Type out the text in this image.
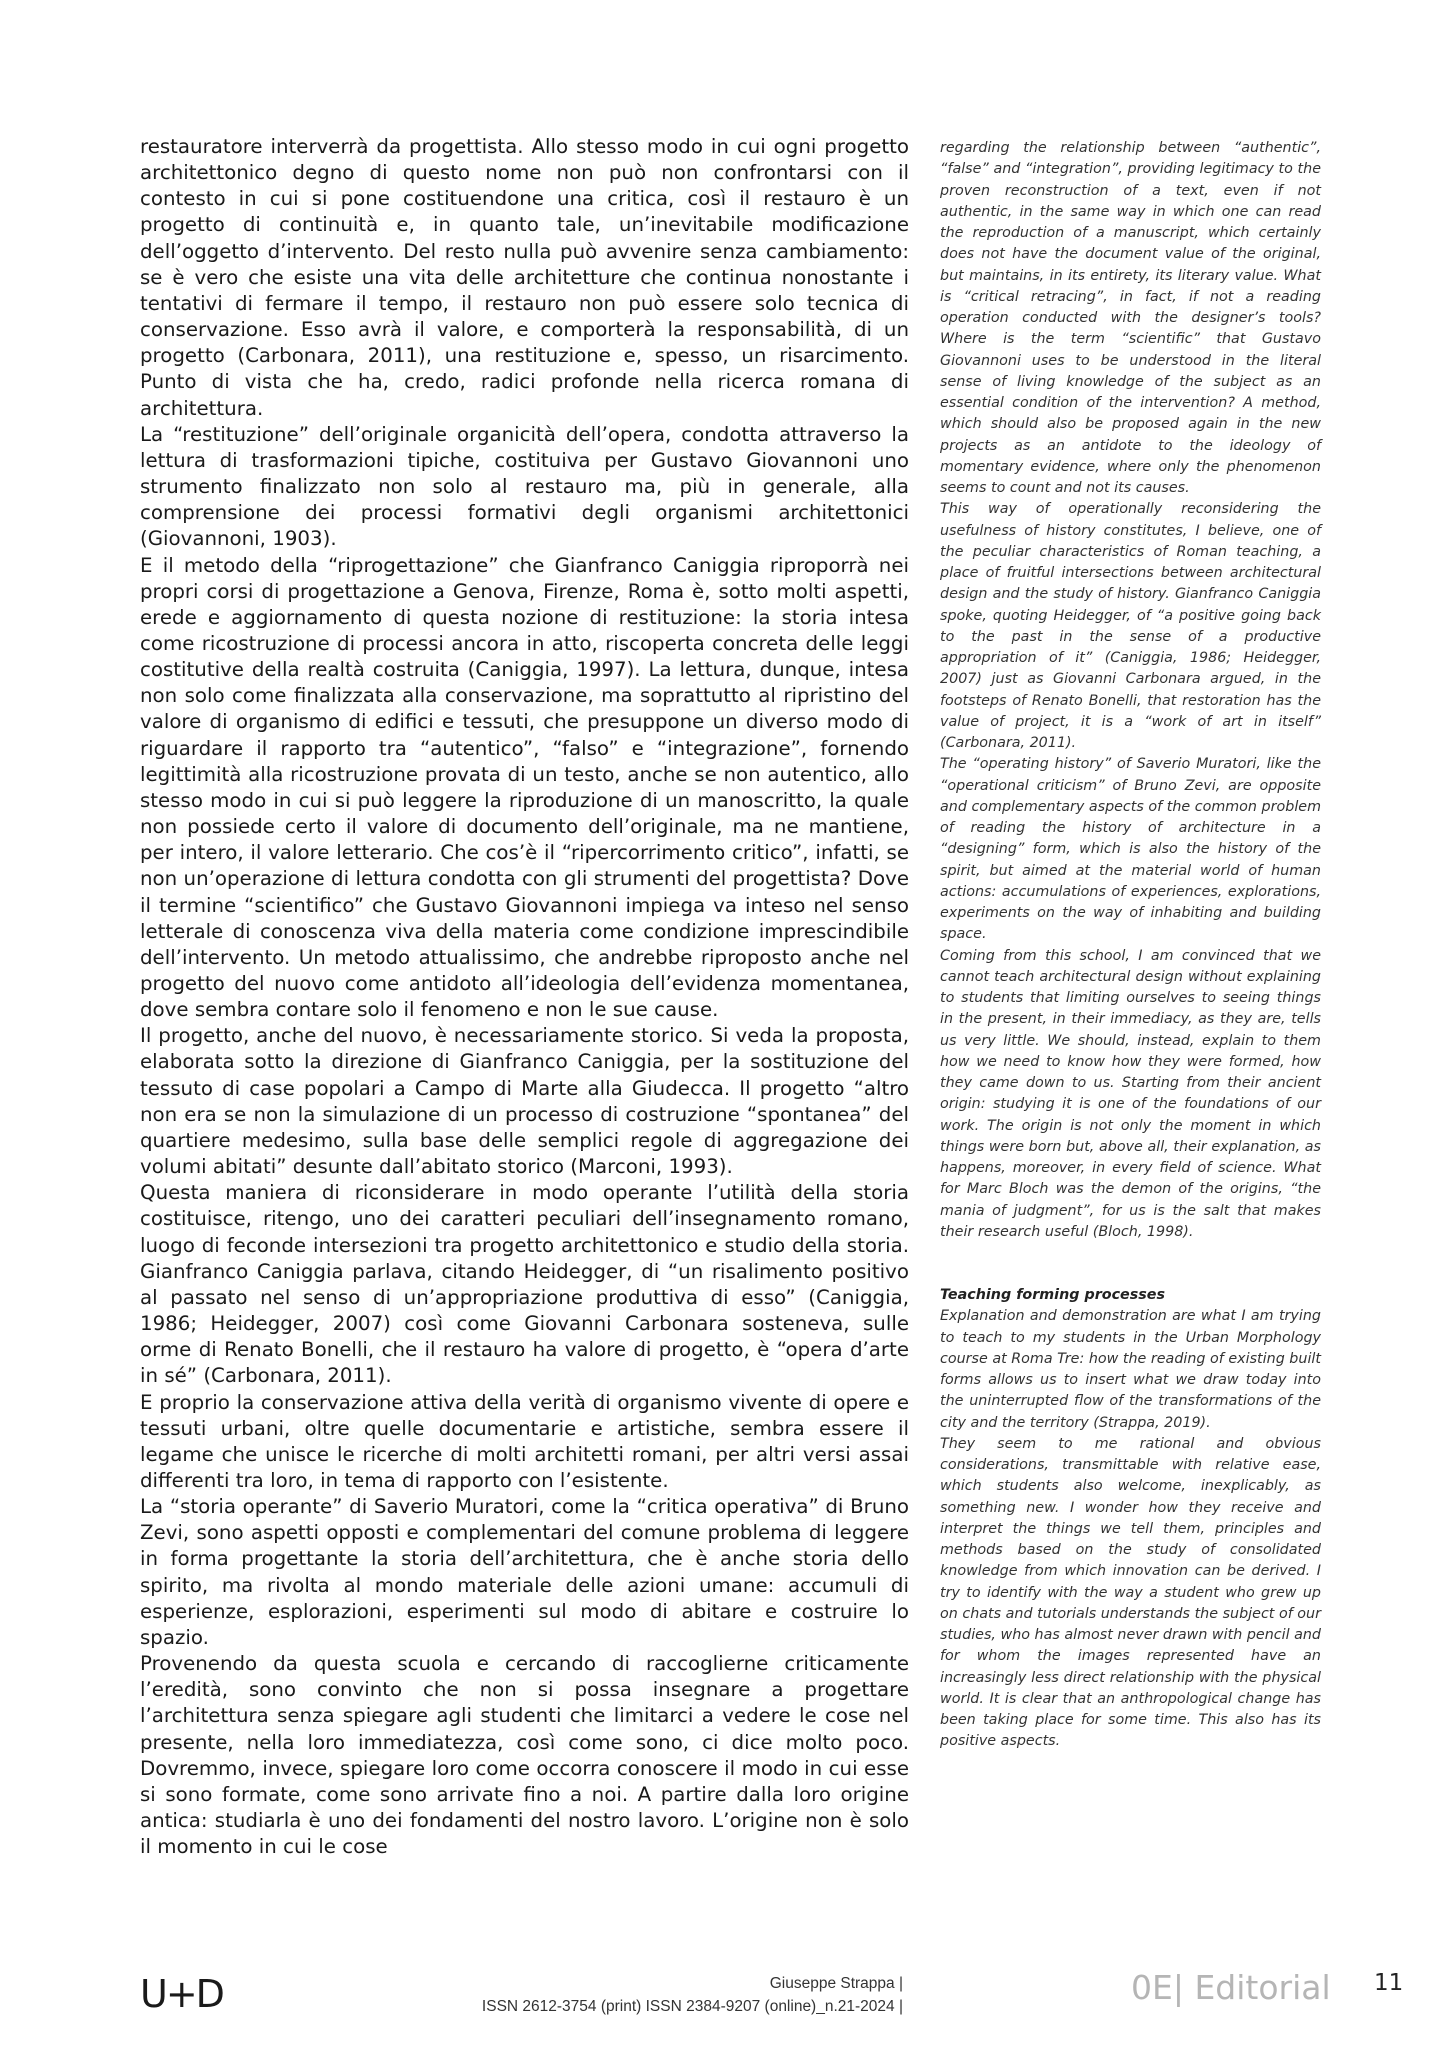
restauratore interverrà da progettista. Allo stesso modo in cui ogni progetto architettonico degno di questo nome non può non confrontarsi con il contesto in cui si pone costituendone una critica, così il restauro è un progetto di continuità e, in quanto tale, un’inevitabile modificazione dell’oggetto d’intervento. Del resto nulla può avvenire senza cambiamento: se è vero che esiste una vita delle architetture che continua nonostante i tentativi di fermare il tempo, il restauro non può essere solo tecnica di conservazione. Esso avrà il valore, e comporterà la responsabilità, di un progetto (Carbonara, 2011), una restituzione e, spesso, un risarcimento. Punto di vista che ha, credo, radici profonde nella ricerca romana di architettura.

La “restituzione” dell’originale organicità dell’opera, condotta attraverso la lettura di trasformazioni tipiche, costituiva per Gustavo Giovannoni uno strumento finalizzato non solo al restauro ma, più in generale, alla comprensione dei processi formativi degli organismi architettonici (Giovannoni, 1903).

E il metodo della “riprogettazione” che Gianfranco Caniggia riproporrà nei propri corsi di progettazione a Genova, Firenze, Roma è, sotto molti aspetti, erede e aggiornamento di questa nozione di restituzione: la storia intesa come ricostruzione di processi ancora in atto, riscoperta concreta delle leggi costitutive della realtà costruita (Caniggia, 1997). La lettura, dunque, intesa non solo come finalizzata alla conservazione, ma soprattutto al ripristino del valore di organismo di edifici e tessuti, che presuppone un diverso modo di riguardare il rapporto tra “autentico”, “falso” e “integrazione”, fornendo legittimità alla ricostruzione provata di un testo, anche se non autentico, allo stesso modo in cui si può leggere la riproduzione di un manoscritto, la quale non possiede certo il valore di documento dell’originale, ma ne mantiene, per intero, il valore letterario. Che cos’è il “ripercorrimento critico”, infatti, se non un’operazione di lettura condotta con gli strumenti del progettista? Dove il termine “scientifico” che Gustavo Giovannoni impiega va inteso nel senso letterale di conoscenza viva della materia come condizione imprescindibile dell’intervento. Un metodo attualissimo, che andrebbe riproposto anche nel progetto del nuovo come antidoto all’ideologia dell’evidenza momentanea, dove sembra contare solo il fenomeno e non le sue cause.

Il progetto, anche del nuovo, è necessariamente storico. Si veda la proposta, elaborata sotto la direzione di Gianfranco Caniggia, per la sostituzione del tessuto di case popolari a Campo di Marte alla Giudecca. Il progetto “altro non era se non la simulazione di un processo di costruzione “spontanea” del quartiere medesimo, sulla base delle semplici regole di aggregazione dei volumi abitati” desunte dall’abitato storico (Marconi, 1993).

Questa maniera di riconsiderare in modo operante l’utilità della storia costituisce, ritengo, uno dei caratteri peculiari dell’insegnamento romano, luogo di feconde intersezioni tra progetto architettonico e studio della storia. Gianfranco Caniggia parlava, citando Heidegger, di “un risalimento positivo al passato nel senso di un’appropriazione produttiva di esso” (Caniggia, 1986; Heidegger, 2007) così come Giovanni Carbonara sosteneva, sulle orme di Renato Bonelli, che il restauro ha valore di progetto, è “opera d’arte in sé” (Carbonara, 2011).

E proprio la conservazione attiva della verità di organismo vivente di opere e tessuti urbani, oltre quelle documentarie e artistiche, sembra essere il legame che unisce le ricerche di molti architetti romani, per altri versi assai differenti tra loro, in tema di rapporto con l’esistente.

La “storia operante” di Saverio Muratori, come la “critica operativa” di Bruno Zevi, sono aspetti opposti e complementari del comune problema di leggere in forma progettante la storia dell’architettura, che è anche storia dello spirito, ma rivolta al mondo materiale delle azioni umane: accumuli di esperienze, esplorazioni, esperimenti sul modo di abitare e costruire lo spazio.

Provenendo da questa scuola e cercando di raccoglierne criticamente l’eredità, sono convinto che non si possa insegnare a progettare l’architettura senza spiegare agli studenti che limitarci a vedere le cose nel presente, nella loro immediatezza, così come sono, ci dice molto poco. Dovremmo, invece, spiegare loro come occorra conoscere il modo in cui esse si sono formate, come sono arrivate fino a noi. A partire dalla loro origine antica: studiarla è uno dei fondamenti del nostro lavoro. L’origine non è solo il momento in cui le cose

regarding the relationship between “authentic”, “false” and “integration”, providing legitimacy to the proven reconstruction of a text, even if not authentic, in the same way in which one can read the reproduction of a manuscript, which certainly does not have the document value of the original, but maintains, in its entirety, its literary value. What is “critical retracing”, in fact, if not a reading operation conducted with the designer’s tools? Where is the term “scientific” that Gustavo Giovannoni uses to be understood in the literal sense of living knowledge of the subject as an essential condition of the intervention? A method, which should also be proposed again in the new projects as an antidote to the ideology of momentary evidence, where only the phenomenon seems to count and not its causes.

This way of operationally reconsidering the usefulness of history constitutes, I believe, one of the peculiar characteristics of Roman teaching, a place of fruitful intersections between architectural design and the study of history. Gianfranco Caniggia spoke, quoting Heidegger, of “a positive going back to the past in the sense of a productive appropriation of it” (Caniggia, 1986; Heidegger, 2007) just as Giovanni Carbonara argued, in the footsteps of Renato Bonelli, that restoration has the value of project, it is a “work of art in itself” (Carbonara, 2011).

The “operating history” of Saverio Muratori, like the “operational criticism” of Bruno Zevi, are opposite and complementary aspects of the common problem of reading the history of architecture in a “designing” form, which is also the history of the spirit, but aimed at the material world of human actions: accumulations of experiences, explorations, experiments on the way of inhabiting and building space.

Coming from this school, I am convinced that we cannot teach architectural design without explaining to students that limiting ourselves to seeing things in the present, in their immediacy, as they are, tells us very little. We should, instead, explain to them how we need to know how they were formed, how they came down to us. Starting from their ancient origin: studying it is one of the foundations of our work. The origin is not only the moment in which things were born but, above all, their explanation, as happens, moreover, in every field of science. What for Marc Bloch was the demon of the origins, “the mania of judgment”, for us is the salt that makes their research useful (Bloch, 1998).

Teaching forming processes

Explanation and demonstration are what I am trying to teach to my students in the Urban Morphology course at Roma Tre: how the reading of existing built forms allows us to insert what we draw today into the uninterrupted flow of the transformations of the city and the territory (Strappa, 2019).

They seem to me rational and obvious considerations, transmittable with relative ease, which students also welcome, inexplicably, as something new. I wonder how they receive and interpret the things we tell them, principles and methods based on the study of consolidated knowledge from which innovation can be derived. I try to identify with the way a student who grew up on chats and tutorials understands the subject of our studies, who has almost never drawn with pencil and for whom the images represented have an increasingly less direct relationship with the physical world. It is clear that an anthropological change has been taking place for some time. This also has its positive aspects.

U+D	Giuseppe Strappa |
ISSN 2612-3754 (print) ISSN 2384-9207 (online)_n.21-2024 |	0E| Editorial 11
